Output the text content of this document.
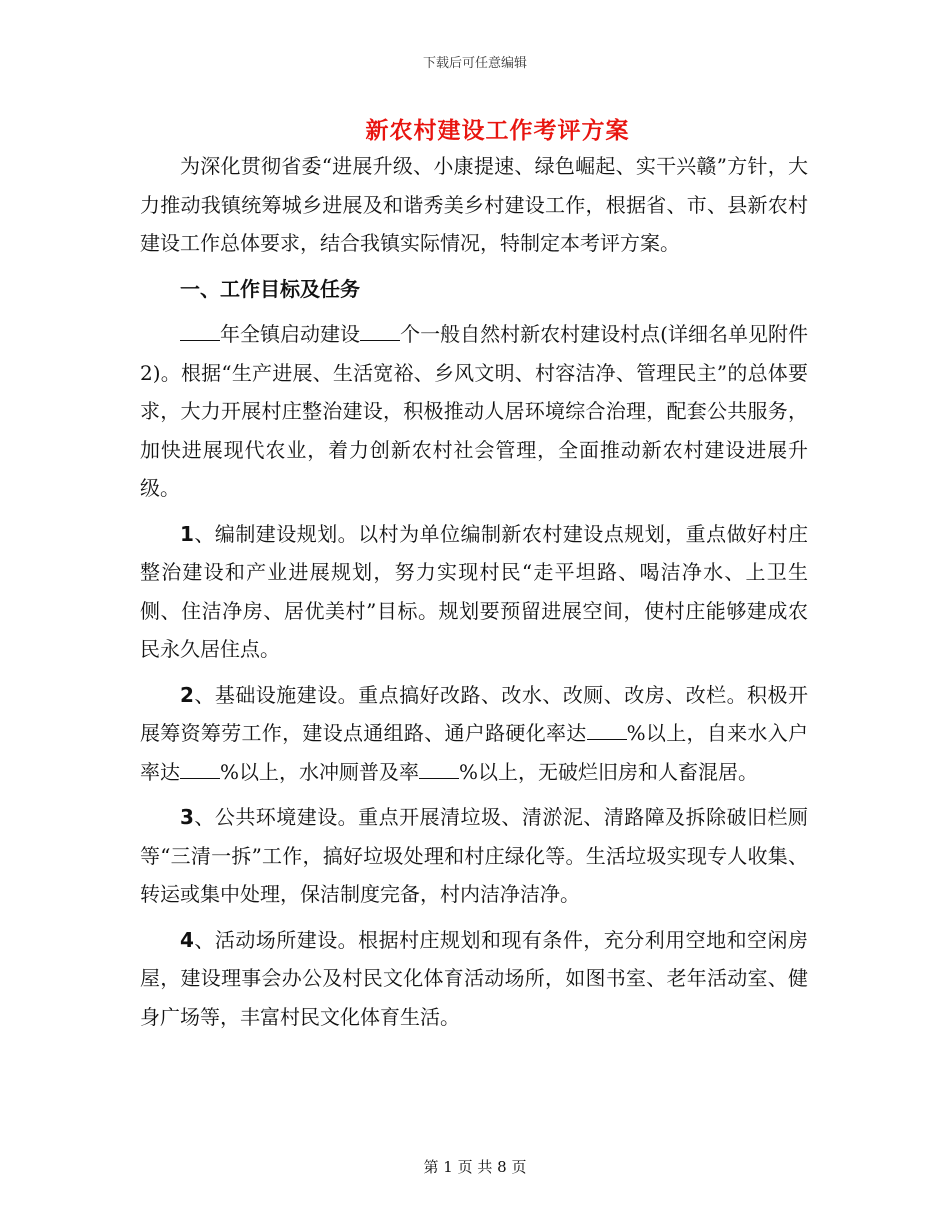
下载后可任意编辑
新农村建设工作考评方案

为深化贯彻省委“进展升级、小康提速、绿色崛起、实干兴赣”方针，大力推动我镇统筹城乡进展及和谐秀美乡村建设工作，根据省、市、县新农村建设工作总体要求，结合我镇实际情况，特制定本考评方案。

一、工作目标及任务

年全镇启动建设 个一般自然村新农村建设村点(详细名单见附件2)。根据“生产进展、生活宽裕、乡风文明、村容洁净、管理民主”的总体要求，大力开展村庄整治建设，积极推动人居环境综合治理，配套公共服务，加快进展现代农业，着力创新农村社会管理，全面推动新农村建设进展升级。

1、编制建设规划。以村为单位编制新农村建设点规划，重点做好村庄整治建设和产业进展规划，努力实现村民“走平坦路、喝洁净水、上卫生侧、住洁净房、居优美村”目标。规划要预留进展空间，使村庄能够建成农民永久居住点。

2、基础设施建设。重点搞好改路、改水、改厕、改房、改栏。积极开展筹资筹劳工作，建设点通组路、通户路硬化率达 %以上，自来水入户率达 %以上，水冲厕普及率 %以上，无破烂旧房和人畜混居。

3、公共环境建设。重点开展清垃圾、清淤泥、清路障及拆除破旧栏厕等“三清一拆”工作，搞好垃圾处理和村庄绿化等。生活垃圾实现专人收集、转运或集中处理，保洁制度完备，村内洁净洁净。

4、活动场所建设。根据村庄规划和现有条件，充分利用空地和空闲房屋，建设理事会办公及村民文化体育活动场所，如图书室、老年活动室、健身广场等，丰富村民文化体育生活。

第 1 页 共 8 页
